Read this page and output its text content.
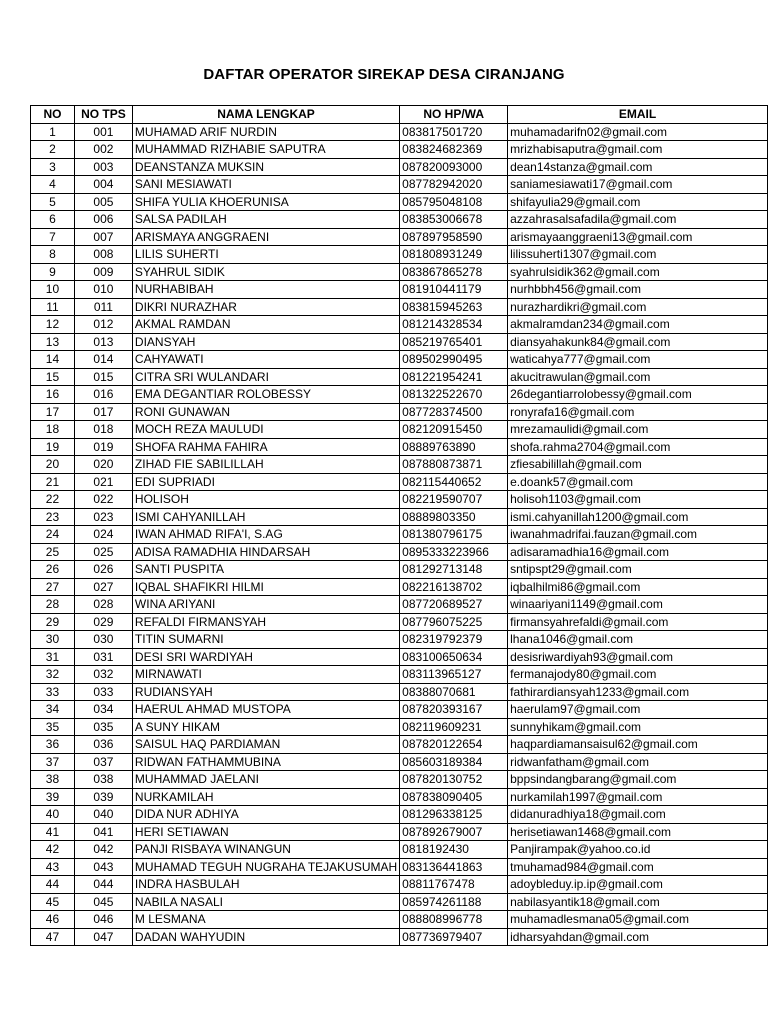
DAFTAR OPERATOR SIREKAP DESA CIRANJANG
NO	NO TPS	NAMA LENGKAP	NO HP/WA	EMAIL
1	001	MUHAMAD ARIF NURDIN	083817501720	muhamadarifn02@gmail.com
2	002	MUHAMMAD RIZHABIE SAPUTRA	083824682369	mrizhabisaputra@gmail.com
3	003	DEANSTANZA MUKSIN	087820093000	dean14stanza@gmail.com
4	004	SANI MESIAWATI	087782942020	saniamesiawati17@gmail.com
5	005	SHIFA YULIA KHOERUNISA	085795048108	shifayulia29@gmail.com
6	006	SALSA PADILAH	083853006678	azzahrasalsafadila@gmail.com
7	007	ARISMAYA ANGGRAENI	087897958590	arismayaanggraeni13@gmail.com
8	008	LILIS SUHERTI	081808931249	lilissuherti1307@gmail.com
9	009	SYAHRUL SIDIK	083867865278	syahrulsidik362@gmail.com
10	010	NURHABIBAH	081910441179	nurhbbh456@gmail.com
11	011	DIKRI NURAZHAR	083815945263	nurazhardikri@gmail.com
12	012	AKMAL RAMDAN	081214328534	akmalramdan234@gmail.com
13	013	DIANSYAH	085219765401	diansyahakunk84@gmail.com
14	014	CAHYAWATI	089502990495	waticahya777@gmail.com
15	015	CITRA SRI WULANDARI	081221954241	akucitrawulan@gmail.com
16	016	EMA DEGANTIAR ROLOBESSY	081322522670	26degantiarrolobessy@gmail.com
17	017	RONI GUNAWAN	087728374500	ronyrafa16@gmail.com
18	018	MOCH REZA MAULUDI	082120915450	mrezamaulidi@gmail.com
19	019	SHOFA RAHMA FAHIRA	08889763890	shofa.rahma2704@gmail.com
20	020	ZIHAD FIE SABILILLAH	087880873871	zfiesabilillah@gmail.com
21	021	EDI SUPRIADI	082115440652	e.doank57@gmail.com
22	022	HOLISOH	082219590707	holisoh1103@gmail.com
23	023	ISMI CAHYANILLAH	08889803350	ismi.cahyanillah1200@gmail.com
24	024	IWAN AHMAD RIFA'I, S.AG	081380796175	iwanahmadrifai.fauzan@gmail.com
25	025	ADISA RAMADHIA HINDARSAH	0895333223966	adisaramadhia16@gmail.com
26	026	SANTI PUSPITA	081292713148	sntipspt29@gmail.com
27	027	IQBAL SHAFIKRI HILMI	082216138702	iqbalhilmi86@gmail.com
28	028	WINA ARIYANI	087720689527	winaariyani1149@gmail.com
29	029	REFALDI FIRMANSYAH	087796075225	firmansyahrefaldi@gmail.com
30	030	TITIN SUMARNI	082319792379	lhana1046@gmail.com
31	031	DESI SRI WARDIYAH	083100650634	desisriwardiyah93@gmail.com
32	032	MIRNAWATI	083113965127	fermanajody80@gmail.com
33	033	RUDIANSYAH	08388070681	fathirardiansyah1233@gmail.com
34	034	HAERUL AHMAD MUSTOPA	087820393167	haerulam97@gmail.com
35	035	A SUNY HIKAM	082119609231	sunnyhikam@gmail.com
36	036	SAISUL HAQ PARDIAMAN	087820122654	haqpardiamansaisul62@gmail.com
37	037	RIDWAN FATHAMMUBINA	085603189384	ridwanfatham@gmail.com
38	038	MUHAMMAD JAELANI	087820130752	bppsindangbarang@gmail.com
39	039	NURKAMILAH	087838090405	nurkamilah1997@gmail.com
40	040	DIDA NUR ADHIYA	081296338125	didanuradhiya18@gmail.com
41	041	HERI SETIAWAN	087892679007	herisetiawan1468@gmail.com
42	042	PANJI RISBAYA WINANGUN	0818192430	Panjirampak@yahoo.co.id
43	043	MUHAMAD TEGUH NUGRAHA TEJAKUSUMAH	083136441863	tmuhamad984@gmail.com
44	044	INDRA HASBULAH	08811767478	adoybleduy.ip.ip@gmail.com
45	045	NABILA NASALI	085974261188	nabilasyantik18@gmail.com
46	046	M LESMANA	088808996778	muhamadlesmana05@gmail.com
47	047	DADAN WAHYUDIN	087736979407	idharsyahdan@gmail.com
